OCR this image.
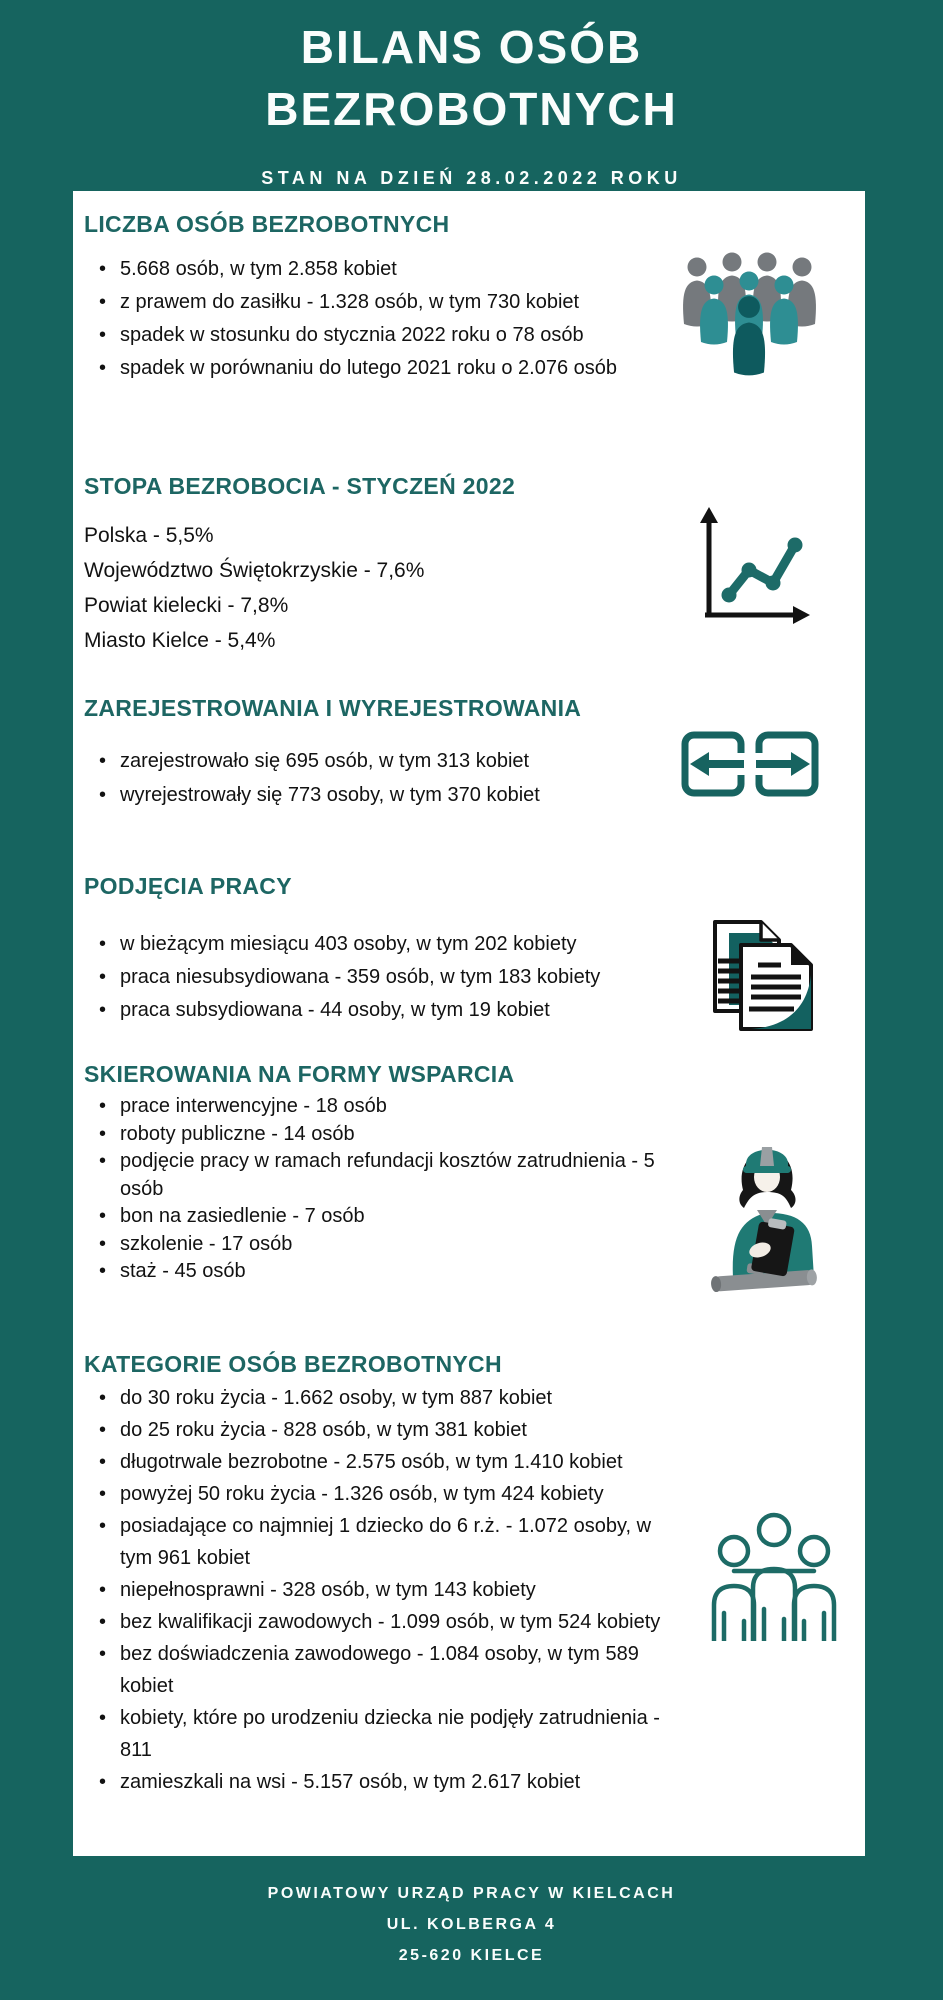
BILANS OSÓB
BEZROBOTNYCH
STAN NA DZIEŃ 28.02.2022 ROKU
LICZBA OSÓB BEZROBOTNYCH
• 5.668 osób, w tym 2.858 kobiet
• z prawem do zasiłku - 1.328 osób, w tym 730 kobiet
• spadek w stosunku do stycznia 2022 roku o 78 osób
• spadek w porównaniu do lutego 2021 roku o 2.076 osób
STOPA BEZROBOCIA - STYCZEŃ 2022
Polska - 5,5%
Województwo Świętokrzyskie - 7,6%
Powiat kielecki - 7,8%
Miasto Kielce - 5,4%
ZAREJESTROWANIA I WYREJESTROWANIA
• zarejestrowało się 695 osób, w tym 313 kobiet
• wyrejestrowały się 773 osoby, w tym 370 kobiet
PODJĘCIA PRACY
• w bieżącym miesiącu 403 osoby, w tym 202 kobiety
• praca niesubsydiowana - 359 osób, w tym 183 kobiety
• praca subsydiowana - 44 osoby, w tym 19 kobiet
SKIEROWANIA NA FORMY WSPARCIA
• prace interwencyjne - 18 osób
• roboty publiczne - 14 osób
• podjęcie pracy w ramach refundacji kosztów zatrudnienia - 5 osób
• bon na zasiedlenie - 7 osób
• szkolenie - 17 osób
• staż - 45 osób
KATEGORIE OSÓB BEZROBOTNYCH
• do 30 roku życia - 1.662 osoby, w tym 887 kobiet
• do 25 roku życia - 828 osób, w tym 381 kobiet
• długotrwale bezrobotne - 2.575 osób, w tym 1.410 kobiet
• powyżej 50 roku życia - 1.326 osób, w tym 424 kobiety
• posiadające co najmniej 1 dziecko do 6 r.ż. - 1.072 osoby, w tym 961 kobiet
• niepełnosprawni - 328 osób, w tym 143 kobiety
• bez kwalifikacji zawodowych - 1.099 osób, w tym 524 kobiety
• bez doświadczenia zawodowego - 1.084 osoby, w tym 589 kobiet
• kobiety, które po urodzeniu dziecka nie podjęły zatrudnienia - 811
• zamieszkali na wsi - 5.157 osób, w tym 2.617 kobiet
POWIATOWY URZĄD PRACY W KIELCACH
UL. KOLBERGA 4
25-620 KIELCE
